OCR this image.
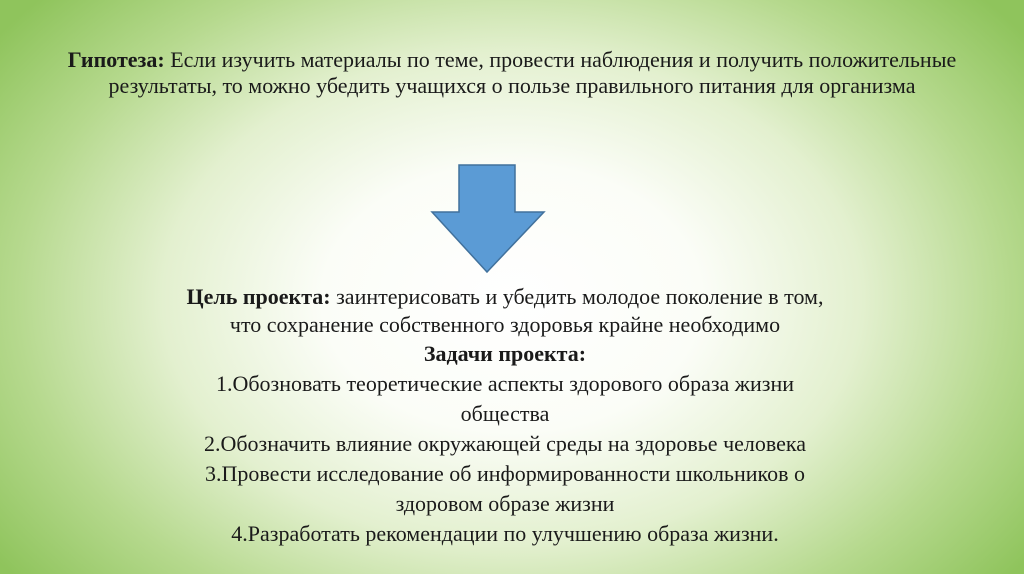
Гипотеза: Если изучить материалы по теме, провести наблюдения и получить положительные результаты, то можно убедить учащихся о пользе правильного питания для организма
Цель проекта: заинтерисовать и убедить молодое поколение в том,
что сохранение собственного здоровья крайне необходимо
Задачи проекта:
1.Обозновать теоретические аспекты здорового образа жизни
общества
2.Обозначить влияние окружающей среды на здоровье человека
3.Провести исследование об информированности школьников о
здоровом образе жизни
4.Разработать рекомендации по улучшению образа жизни.
